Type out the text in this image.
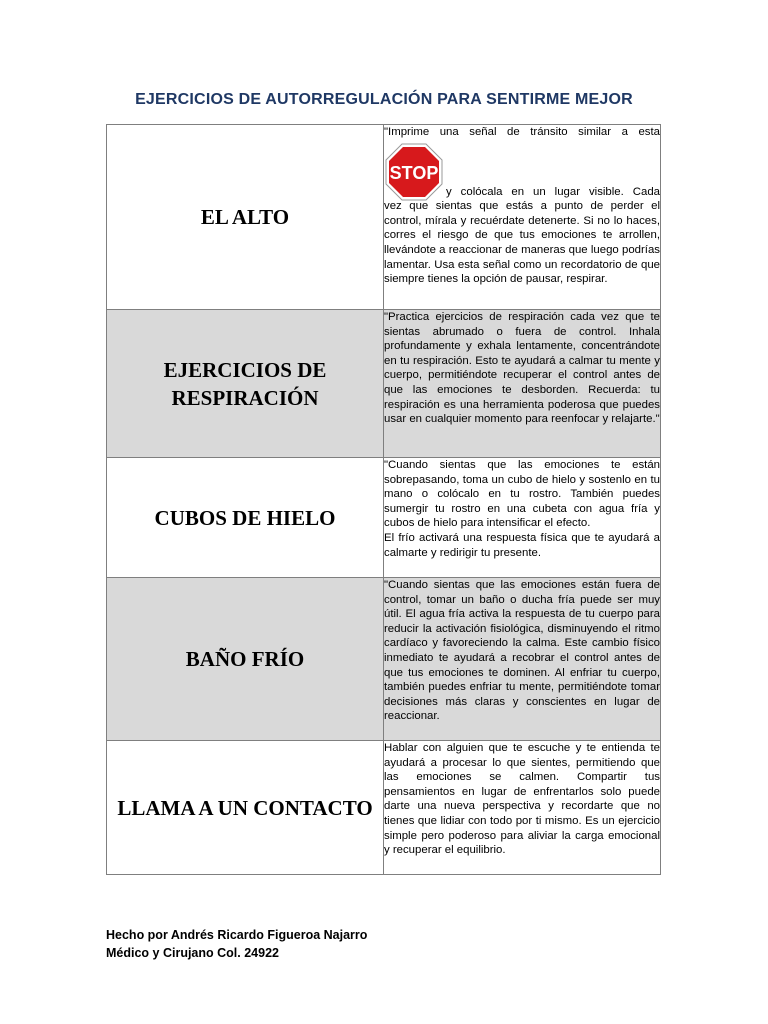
EJERCICIOS DE AUTORREGULACIÓN PARA SENTIRME MEJOR
EL ALTO	"Imprime una señal de tránsito similar a esta
STOP
y colócala en un lugar visible. Cada
vez que sientas que estás a punto de perder el control, mírala y recuérdate detenerte. Si no lo haces, corres el riesgo de que tus emociones te arrollen, llevándote a reaccionar de maneras que luego podrías lamentar. Usa esta señal como un recordatorio de que siempre tienes la opción de pausar, respirar.

EJERCICIOS DE RESPIRACIÓN	"Practica ejercicios de respiración cada vez que te sientas abrumado o fuera de control. Inhala profundamente y exhala lentamente, concentrándote en tu respiración. Esto te ayudará a calmar tu mente y cuerpo, permitiéndote recuperar el control antes de que las emociones te desborden. Recuerda: tu respiración es una herramienta poderosa que puedes usar en cualquier momento para reenfocar y relajarte."
CUBOS DE HIELO	"Cuando sientas que las emociones te están sobrepasando, toma un cubo de hielo y sostenlo en tu mano o colócalo en tu rostro. También puedes sumergir tu rostro en una cubeta con agua fría y cubos de hielo para intensificar el efecto.
El frío activará una respuesta física que te ayudará a calmarte y redirigir tu presente.

BAÑO FRÍO	"Cuando sientas que las emociones están fuera de control, tomar un baño o ducha fría puede ser muy útil. El agua fría activa la respuesta de tu cuerpo para reducir la activación fisiológica, disminuyendo el ritmo cardíaco y favoreciendo la calma. Este cambio físico inmediato te ayudará a recobrar el control antes de que tus emociones te dominen. Al enfriar tu cuerpo, también puedes enfriar tu mente, permitiéndote tomar decisiones más claras y conscientes en lugar de reaccionar.
LLAMA A UN CONTACTO	Hablar con alguien que te escuche y te entienda te ayudará a procesar lo que sientes, permitiendo que las emociones se calmen. Compartir tus pensamientos en lugar de enfrentarlos solo puede darte una nueva perspectiva y recordarte que no tienes que lidiar con todo por ti mismo. Es un ejercicio simple pero poderoso para aliviar la carga emocional y recuperar el equilibrio.
Hecho por Andrés Ricardo Figueroa Najarro
Médico y Cirujano Col. 24922
